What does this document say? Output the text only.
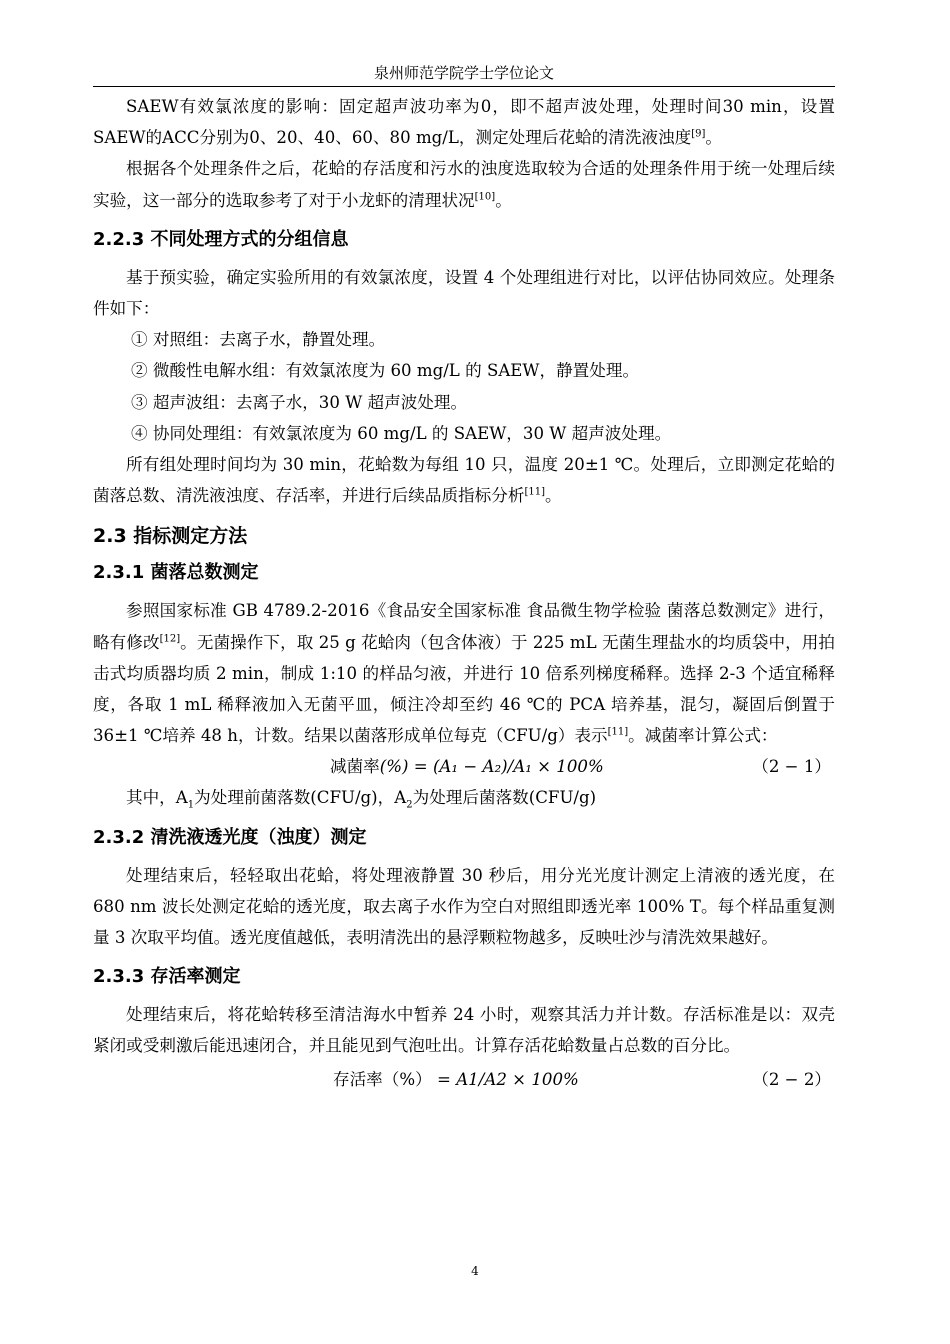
泉州师范学院学士学位论文

SAEW有效氯浓度的影响：固定超声波功率为0，即不超声波处理，处理时间30 min，设置SAEW的ACC分别为0、20、40、60、80 mg/L，测定处理后花蛤的清洗液浊度[9]。

根据各个处理条件之后，花蛤的存活度和污水的浊度选取较为合适的处理条件用于统一处理后续实验，这一部分的选取参考了对于小龙虾的清理状况[10]。

2.2.3 不同处理方式的分组信息

基于预实验，确定实验所用的有效氯浓度，设置 4 个处理组进行对比，以评估协同效应。处理条件如下：

① 对照组：去离子水，静置处理。

② 微酸性电解水组：有效氯浓度为 60 mg/L 的 SAEW，静置处理。

③ 超声波组：去离子水，30 W 超声波处理。

④ 协同处理组：有效氯浓度为 60 mg/L 的 SAEW，30 W 超声波处理。

所有组处理时间均为 30 min，花蛤数为每组 10 只，温度 20±1 ℃。处理后，立即测定花蛤的菌落总数、清洗液浊度、存活率，并进行后续品质指标分析[11]。

2.3 指标测定方法
2.3.1 菌落总数测定

参照国家标准 GB 4789.2-2016《食品安全国家标准 食品微生物学检验 菌落总数测定》进行，略有修改[12]。无菌操作下，取 25 g 花蛤肉（包含体液）于 225 mL 无菌生理盐水的均质袋中，用拍击式均质器均质 2 min，制成 1:10 的样品匀液，并进行 10 倍系列梯度稀释。选择 2-3 个适宜稀释度，各取 1 mL 稀释液加入无菌平皿，倾注冷却至约 46 ℃的 PCA 培养基，混匀，凝固后倒置于 36±1 ℃培养 48 h，计数。结果以菌落形成单位每克（CFU/g）表示[11]。减菌率计算公式：

减菌率(%) = (A₁ − A₂)/A₁ × 100%	（2 − 1）

其中，$A_1$为处理前菌落数(CFU/g)，$A_2$为处理后菌落数(CFU/g)

2.3.2 清洗液透光度（浊度）测定

处理结束后，轻轻取出花蛤，将处理液静置 30 秒后，用分光光度计测定上清液的透光度，在 680 nm 波长处测定花蛤的透光度，取去离子水作为空白对照组即透光率 100% T。每个样品重复测量 3 次取平均值。透光度值越低，表明清洗出的悬浮颗粒物越多，反映吐沙与清洗效果越好。

2.3.3 存活率测定

处理结束后，将花蛤转移至清洁海水中暂养 24 小时，观察其活力并计数。存活标准是以：双壳紧闭或受刺激后能迅速闭合，并且能见到气泡吐出。计算存活花蛤数量占总数的百分比。

存活率（%） = A1/A2 × 100%	（2 − 2）
4
